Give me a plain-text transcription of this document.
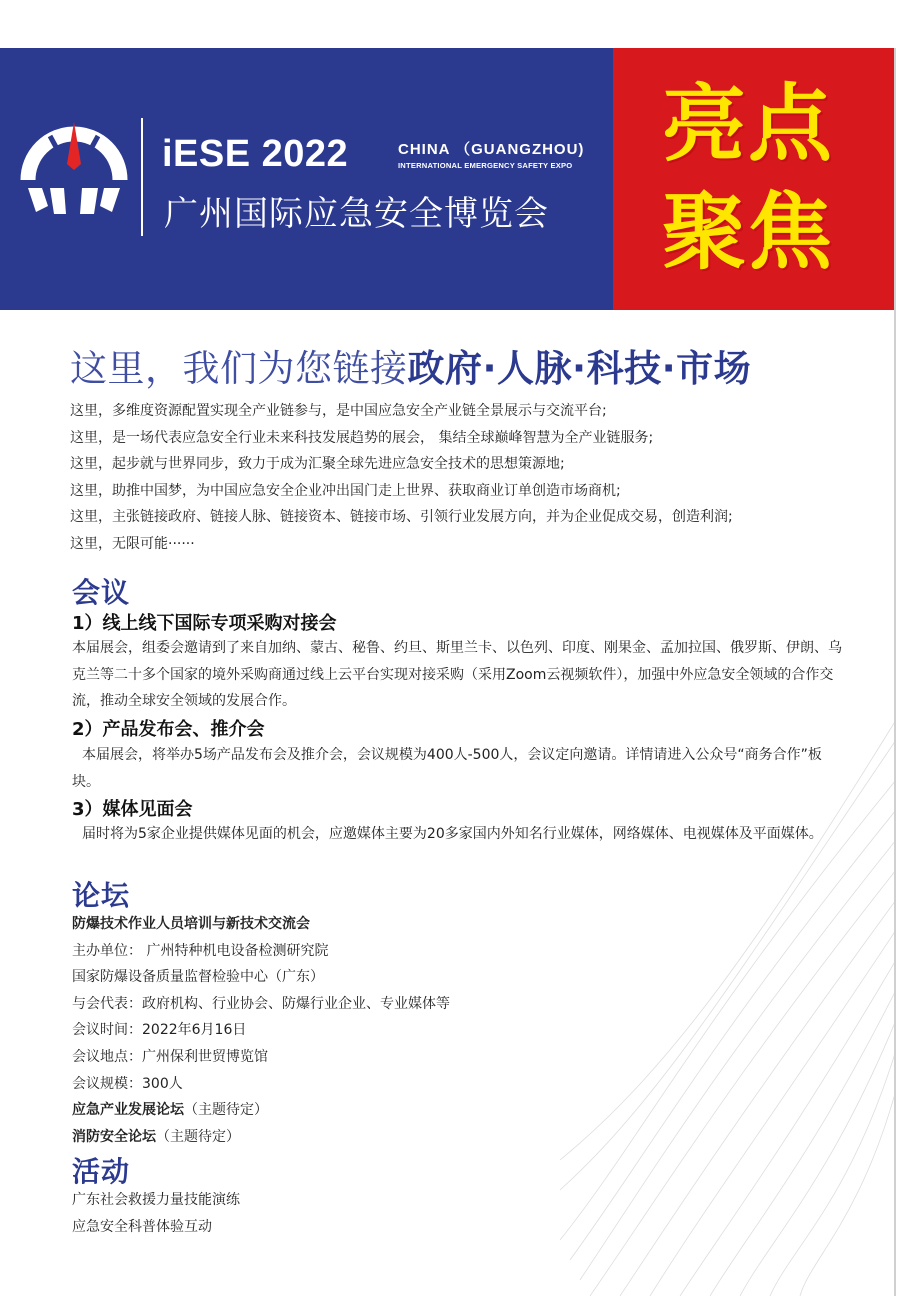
iESE 2022	CHINA （GUANGZHOU)
INTERNATIONAL EMERGENCY SAFETY EXPO
广州国际应急安全博览会
亮点
聚焦
这里，我们为您链接政府·人脉·科技·市场
这里，多维度资源配置实现全产业链参与，是中国应急安全产业链全景展示与交流平台;
这里，是一场代表应急安全行业未来科技发展趋势的展会， 集结全球巅峰智慧为全产业链服务;
这里，起步就与世界同步，致力于成为汇聚全球先进应急安全技术的思想策源地;
这里，助推中国梦，为中国应急安全企业冲出国门走上世界、获取商业订单创造市场商机;
这里，主张链接政府、链接人脉、链接资本、链接市场、引领行业发展方向，并为企业促成交易，创造利润;
这里，无限可能······
会议
1）线上线下国际专项采购对接会
本届展会，组委会邀请到了来自加纳、蒙古、秘鲁、约旦、斯里兰卡、以色列、印度、刚果金、孟加拉国、俄罗斯、伊朗、乌克兰等二十多个国家的境外采购商通过线上云平台实现对接采购（采用Zoom云视频软件），加强中外应急安全领域的合作交流，推动全球安全领域的发展合作。
2）产品发布会、推介会
本届展会，将举办5场产品发布会及推介会，会议规模为400人-500人，会议定向邀请。详情请进入公众号“商务合作”板块。
3）媒体见面会
届时将为5家企业提供媒体见面的机会，应邀媒体主要为20多家国内外知名行业媒体，网络媒体、电视媒体及平面媒体。
论坛
防爆技术作业人员培训与新技术交流会
主办单位： 广州特种机电设备检测研究院
国家防爆设备质量监督检验中心（广东）
与会代表：政府机构、行业协会、防爆行业企业、专业媒体等
会议时间：2022年6月16日
会议地点：广州保利世贸博览馆
会议规模：300人
应急产业发展论坛（主题待定）
消防安全论坛（主题待定）
活动
广东社会救援力量技能演练
应急安全科普体验互动
